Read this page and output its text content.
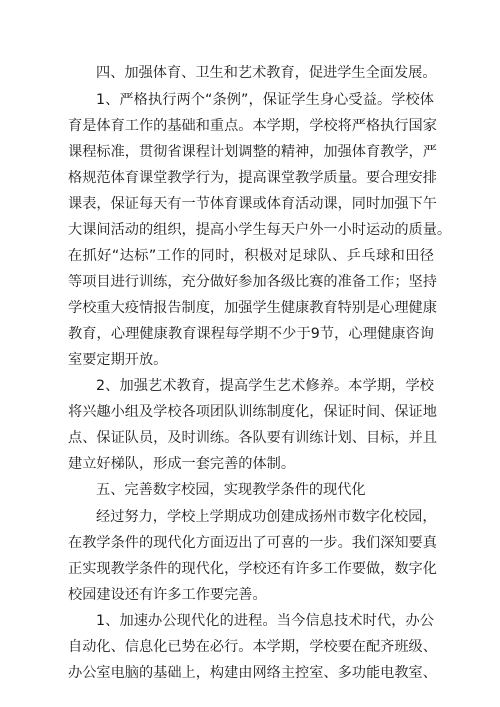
四、加强体育、卫生和艺术教育，促进学生全面发展。
1、严格执行两个“条例”，保证学生身心受益。学校体
育是体育工作的基础和重点。本学期，学校将严格执行国家
课程标准，贯彻省课程计划调整的精神，加强体育教学，严
格规范体育课堂教学行为，提高课堂教学质量。要合理安排
课表，保证每天有一节体育课或体育活动课，同时加强下午
大课间活动的组织，提高小学生每天户外一小时运动的质量。
在抓好“达标”工作的同时，积极对足球队、乒乓球和田径
等项目进行训练，充分做好参加各级比赛的准备工作；坚持
学校重大疫情报告制度，加强学生健康教育特别是心理健康
教育，心理健康教育课程每学期不少于9节，心理健康咨询
室要定期开放。
2、加强艺术教育，提高学生艺术修养。本学期，学校
将兴趣小组及学校各项团队训练制度化，保证时间、保证地
点、保证队员，及时训练。各队要有训练计划、目标，并且
建立好梯队，形成一套完善的体制。
五、完善数字校园，实现教学条件的现代化
经过努力，学校上学期成功创建成扬州市数字化校园，
在教学条件的现代化方面迈出了可喜的一步。我们深知要真
正实现教学条件的现代化，学校还有许多工作要做，数字化
校园建设还有许多工作要完善。
1、加速办公现代化的进程。当今信息技术时代，办公
自动化、信息化已势在必行。本学期，学校要在配齐班级、
办公室电脑的基础上，构建由网络主控室、多功能电教室、
